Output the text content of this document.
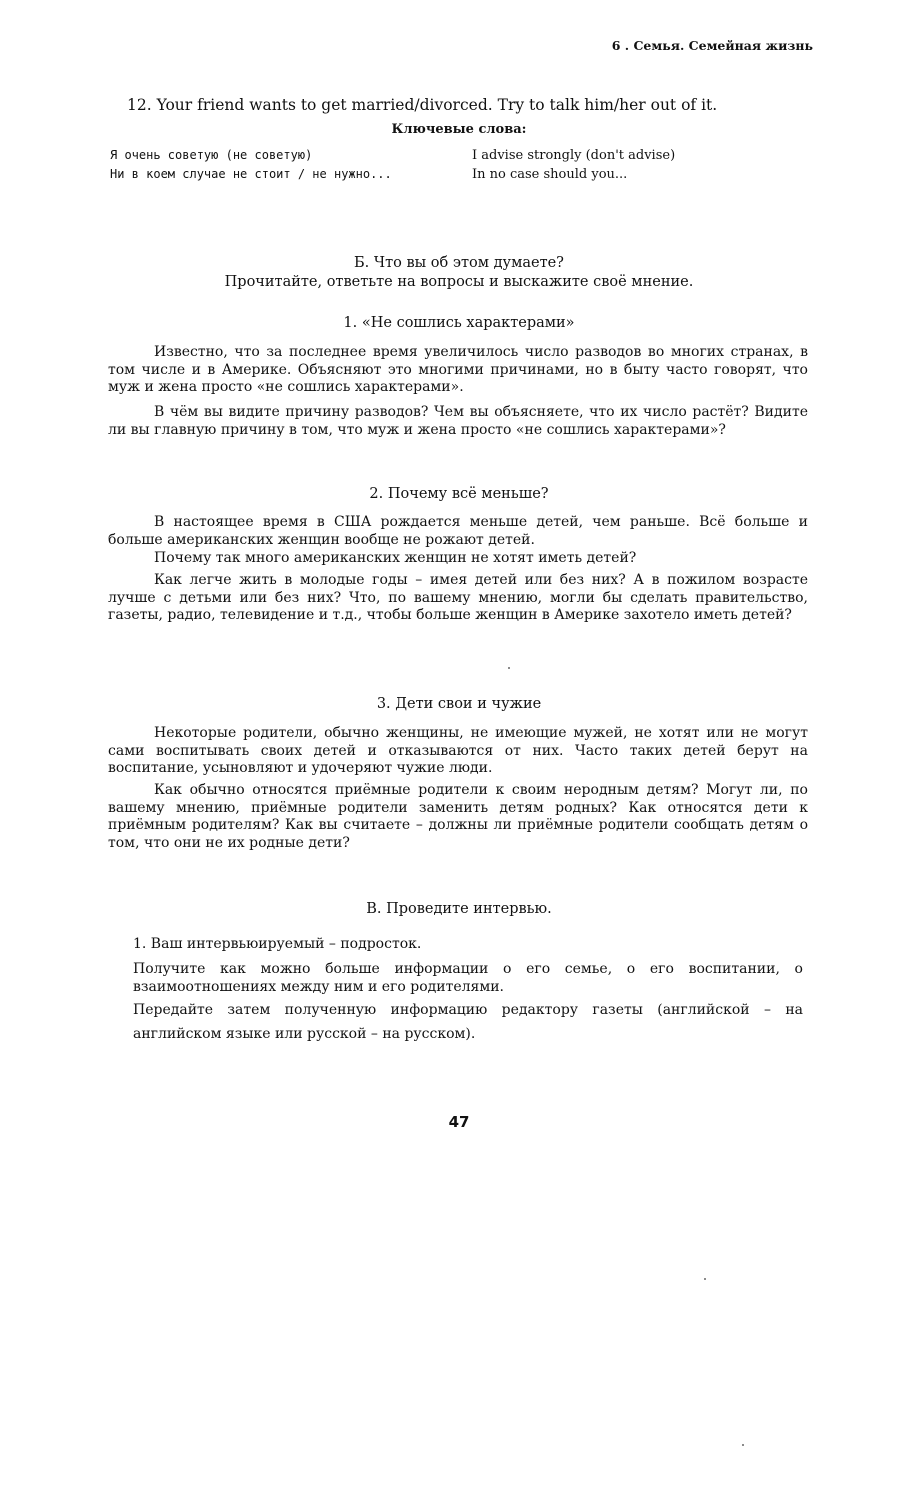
6 . Семья. Семейная жизнь
12. Your friend wants to get married/divorced. Try to talk him/her out of it.
Ключевые слова:
Я очень советую (не советую)	I advise strongly (don't advise)
Ни в коем случае не стоит / не нужно...	In no case should you...
Б. Что вы об этом думаете?
Прочитайте, ответьте на вопросы и выскажите своё мнение.
1. «Не сошлись характерами»

Известно, что за последнее время увеличилось число разводов во многих странах, в том числе и в Америке. Объясняют это многими причинами, но в быту часто говорят, что муж и жена просто «не сошлись характерами».

В чём вы видите причину разводов? Чем вы объясняете, что их число растёт? Видите ли вы главную причину в том, что муж и жена просто «не сошлись характерами»?

2. Почему всё меньше?

В настоящее время в США рождается меньше детей, чем раньше. Всё больше и больше американских женщин вообще не рожают детей.

Почему так много американских женщин не хотят иметь детей?

Как легче жить в молодые годы – имея детей или без них? А в пожилом возрасте лучше с детьми или без них? Что, по вашему мнению, могли бы сделать правительство, газеты, радио, телевидение и т.д., чтобы больше женщин в Америке захотело иметь детей?

3. Дети свои и чужие

Некоторые родители, обычно женщины, не имеющие мужей, не хотят или не могут сами воспитывать своих детей и отказываются от них. Часто таких детей берут на воспитание, усыновляют и удочеряют чужие люди.

Как обычно относятся приёмные родители к своим неродным детям? Могут ли, по вашему мнению, приёмные родители заменить детям родных? Как относятся дети к приёмным родителям? Как вы считаете – должны ли приёмные родители сообщать детям о том, что они не их родные дети?

В. Проведите интервью.

1. Ваш интервьюируемый – подросток.

Получите как можно больше информации о его семье, о его воспитании, о взаимоотношениях между ним и его родителями.

Передайте затем полученную информацию редактору газеты (английской – на английском языке или русской – на русском).

47
